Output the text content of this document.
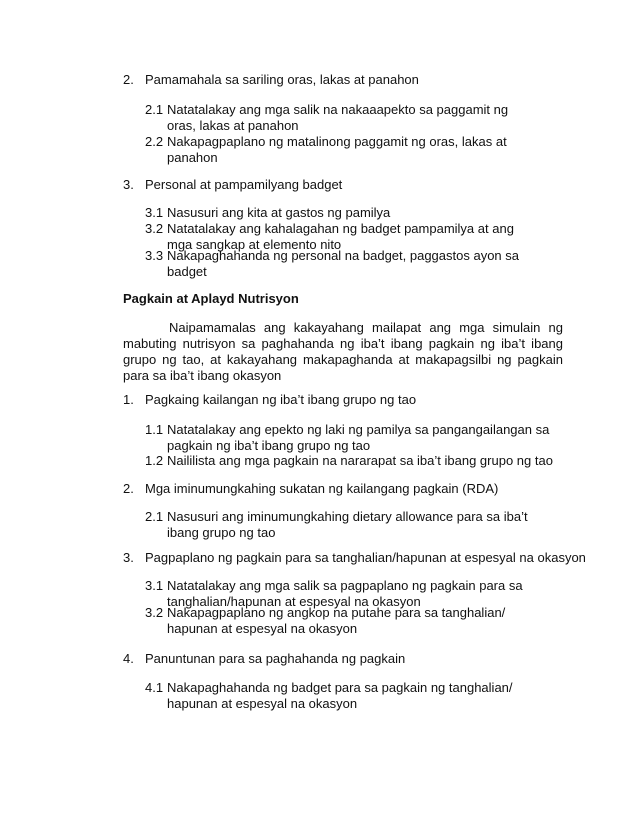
2. Pamamahala sa sariling oras, lakas at panahon
2.1 Natatalakay ang mga salik na nakaaapekto sa paggamit ng
oras, lakas at panahon
2.2 Nakapagpaplano ng matalinong paggamit ng oras, lakas at
panahon
3. Personal at pampamilyang badget
3.1 Nasusuri ang kita at gastos ng pamilya
3.2 Natatalakay ang kahalagahan ng badget pampamilya at ang
mga sangkap at elemento nito
3.3 Nakapaghahanda ng personal na badget, paggastos ayon sa
badget
Pagkain at Aplayd Nutrisyon
Naipamamalas ang kakayahang mailapat ang mga simulain ng mabuting nutrisyon sa paghahanda ng iba’t ibang pagkain ng iba’t ibang grupo ng tao, at kakayahang makapaghanda at makapagsilbi ng pagkain para sa iba’t ibang okasyon
1. Pagkaing kailangan ng iba’t ibang grupo ng tao
1.1 Natatalakay ang epekto ng laki ng pamilya sa pangangailangan sa
pagkain ng iba’t ibang grupo ng tao
1.2 Naililista ang mga pagkain na nararapat sa iba’t ibang grupo ng tao
2. Mga iminumungkahing sukatan ng kailangang pagkain (RDA)
2.1 Nasusuri ang iminumungkahing dietary allowance para sa iba’t
ibang grupo ng tao
3. Pagpaplano ng pagkain para sa tanghalian/hapunan at espesyal na okasyon
3.1 Natatalakay ang mga salik sa pagpaplano ng pagkain para sa
tanghalian/hapunan at espesyal na okasyon
3.2 Nakapagpaplano ng angkop na putahe para sa tanghalian/
hapunan at espesyal na okasyon
4. Panuntunan para sa paghahanda ng pagkain
4.1 Nakapaghahanda ng badget para sa pagkain ng tanghalian/
hapunan at espesyal na okasyon
